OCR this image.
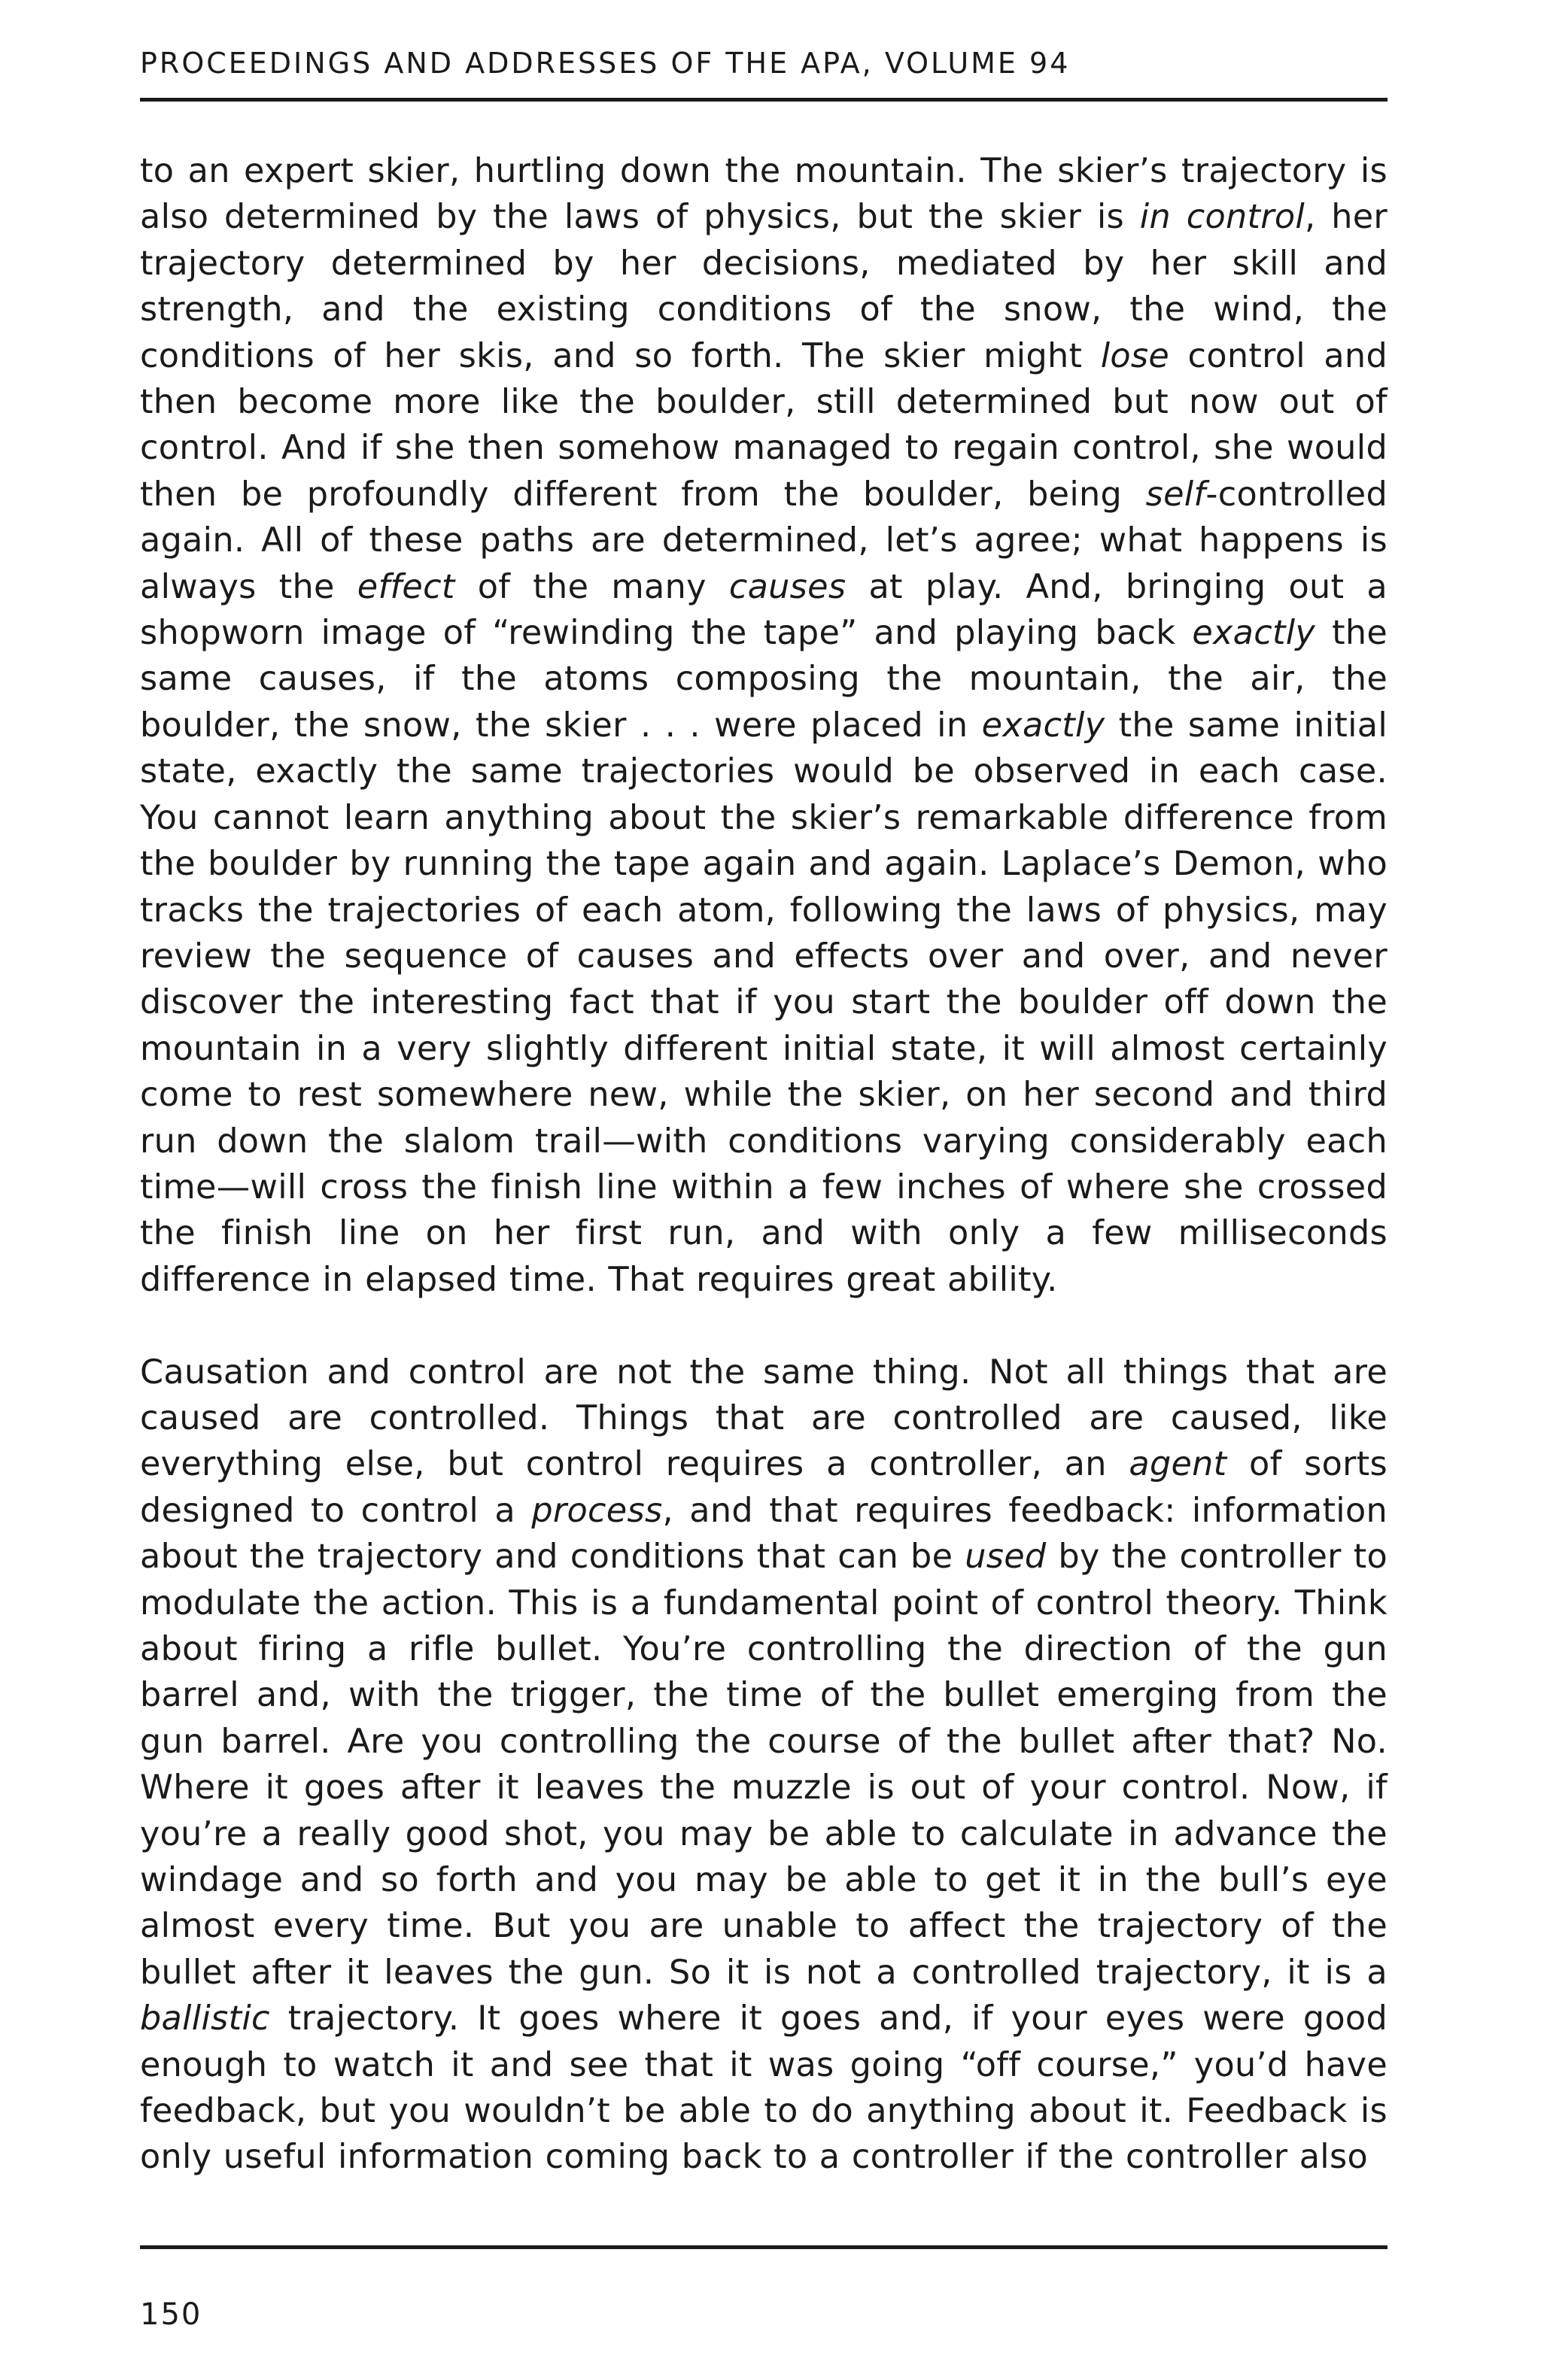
PROCEEDINGS AND ADDRESSES OF THE APA, VOLUME 94

to an expert skier, hurtling down the mountain. The skier’s trajectory is also determined by the laws of physics, but the skier is in control, her trajectory determined by her decisions, mediated by her skill and strength, and the existing conditions of the snow, the wind, the conditions of her skis, and so forth. The skier might lose control and then become more like the boulder, still determined but now out of control. And if she then somehow managed to regain control, she would then be profoundly different from the boulder, being self-controlled again. All of these paths are determined, let’s agree; what happens is always the effect of the many causes at play. And, bringing out a shopworn image of “rewinding the tape” and playing back exactly the same causes, if the atoms composing the mountain, the air, the boulder, the snow, the skier . . . were placed in exactly the same initial state, exactly the same trajectories would be observed in each case. You cannot learn anything about the skier’s remarkable difference from the boulder by running the tape again and again. Laplace’s Demon, who tracks the trajectories of each atom, following the laws of physics, may review the sequence of causes and effects over and over, and never discover the interesting fact that if you start the boulder off down the mountain in a very slightly different initial state, it will almost certainly come to rest somewhere new, while the skier, on her second and third run down the slalom trail—with conditions varying considerably each time—will cross the finish line within a few inches of where she crossed the finish line on her first run, and with only a few milliseconds difference in elapsed time. That requires great ability.

Causation and control are not the same thing. Not all things that are caused are controlled. Things that are controlled are caused, like everything else, but control requires a controller, an agent of sorts designed to control a process, and that requires feedback: information about the trajectory and conditions that can be used by the controller to modulate the action. This is a fundamental point of control theory. Think about firing a rifle bullet. You’re controlling the direction of the gun barrel and, with the trigger, the time of the bullet emerging from the gun barrel. Are you controlling the course of the bullet after that? No. Where it goes after it leaves the muzzle is out of your control. Now, if you’re a really good shot, you may be able to calculate in advance the windage and so forth and you may be able to get it in the bull’s eye almost every time. But you are unable to affect the trajectory of the bullet after it leaves the gun. So it is not a controlled trajectory, it is a ballistic trajectory. It goes where it goes and, if your eyes were good enough to watch it and see that it was going “off course,” you’d have feedback, but you wouldn’t be able to do anything about it. Feedback is only useful information coming back to a controller if the controller also

150
